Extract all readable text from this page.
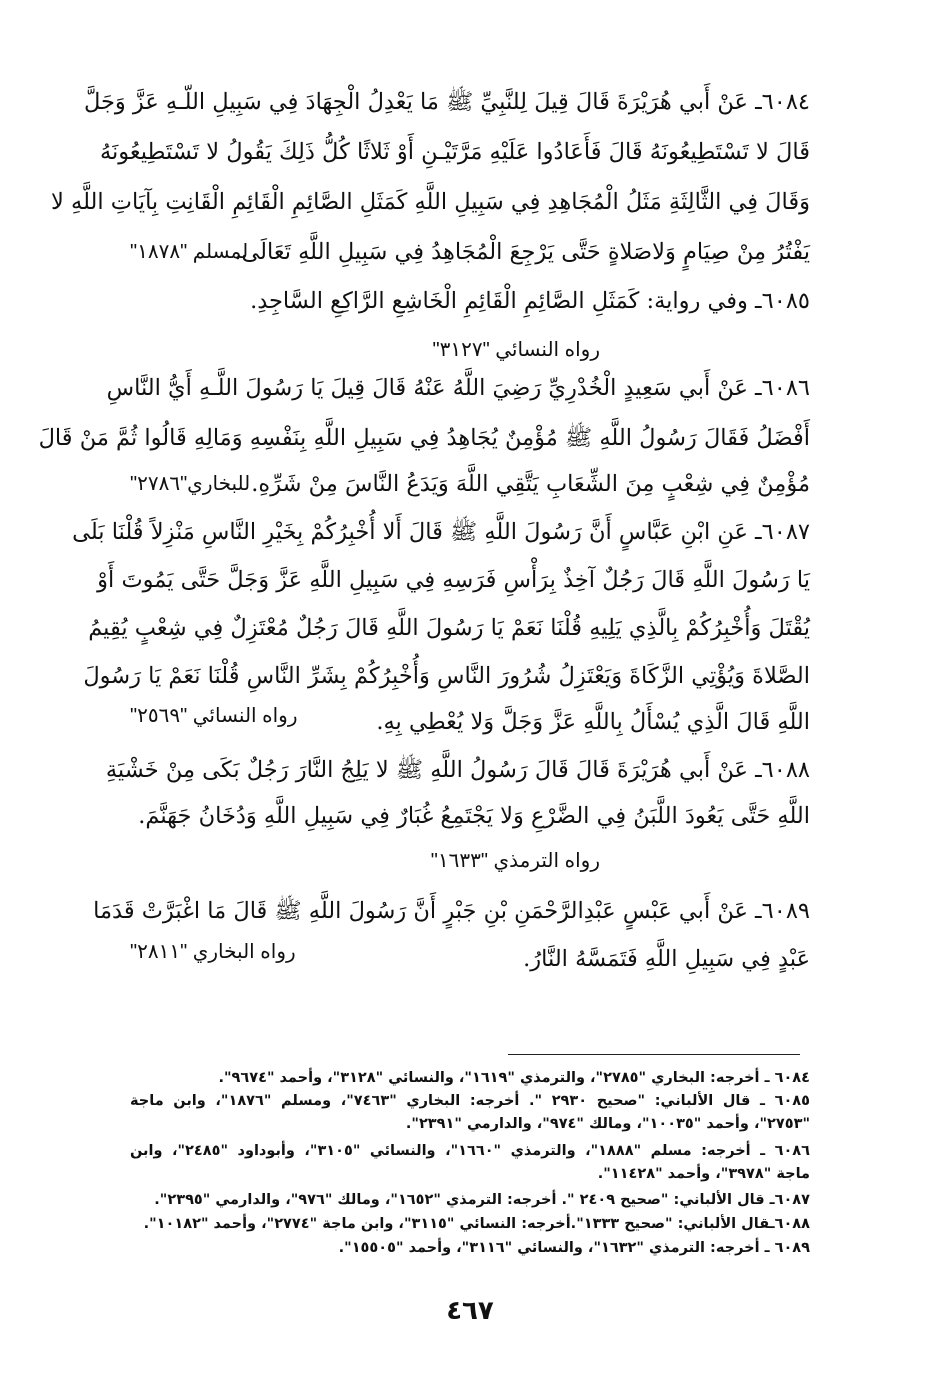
٦٠٨٤ـ عَنْ أَبي هُرَيْرَةَ قَالَ قِيلَ لِلنَّبِيِّ ﷺ مَا يَعْدِلُ الْجِهَادَ فِي سَبِيلِ اللّـهِ عَزَّ وَجَلَّ
قَالَ لا تَسْتَطِيعُونَهُ قَالَ فَأَعَادُوا عَلَيْهِ مَرَّتَيْـنِ أَوْ ثَلاثًا كُلُّ ذَلِكَ يَقُولُ لا تَسْتَطِيعُونَهُ
وَقَالَ فِي الثَّالِثَةِ مَثَلُ الْمُجَاهِدِ فِي سَبِيلِ اللَّهِ كَمَثَلِ الصَّائِمِ الْقَائِمِ الْقَانِتِ بِآيَاتِ اللَّهِ لا
يَفْتُرُ مِنْ صِيَامٍ وَلاصَلاةٍ حَتَّى يَرْجِعَ الْمُجَاهِدُ فِي سَبِيلِ اللَّهِ تَعَالَى.
لمسلم "١٨٧٨"
٦٠٨٥ـ وفي رواية: كَمَثَلِ الصَّائِمِ الْقَائِمِ الْخَاشِعِ الرَّاكِعِ السَّاجِدِ.
رواه النسائي "٣١٢٧"
٦٠٨٦ـ عَنْ أَبي سَعِيدٍ الْخُدْرِيِّ رَضِيَ اللَّهُ عَنْهُ قَالَ قِيلَ يَا رَسُولَ اللَّـهِ أَيُّ النَّاسِ
أَفْضَلُ فَقَالَ رَسُولُ اللَّهِ ﷺ مُؤْمِنٌ يُجَاهِدُ فِي سَبِيلِ اللَّهِ بِنَفْسِهِ وَمَالِهِ قَالُوا ثُمَّ مَنْ قَالَ
مُؤْمِنٌ فِي شِعْبٍ مِنَ الشِّعَابِ يَتَّقِي اللَّهَ وَيَدَعُ النَّاسَ مِنْ شَرِّهِ.
للبخاري"٢٧٨٦"
٦٠٨٧ـ عَنِ ابْنِ عَبَّاسٍ أَنَّ رَسُولَ اللَّهِ ﷺ قَالَ أَلا أُخْبِرُكُمْ بِخَيْرِ النَّاسِ مَنْزِلاً قُلْنَا بَلَى
يَا رَسُولَ اللَّهِ قَالَ رَجُلٌ آخِذٌ بِرَأْسِ فَرَسِهِ فِي سَبِيلِ اللَّهِ عَزَّ وَجَلَّ حَتَّى يَمُوتَ أَوْ
يُقْتَلَ وَأُخْبِرُكُمْ بِالَّذِي يَلِيهِ قُلْنَا نَعَمْ يَا رَسُولَ اللَّهِ قَالَ رَجُلٌ مُعْتَزِلٌ فِي شِعْبٍ يُقِيمُ
الصَّلاةَ وَيُؤْتِي الزَّكَاةَ وَيَعْتَزِلُ شُرُورَ النَّاسِ وَأُخْبِرُكُمْ بِشَرِّ النَّاسِ قُلْنَا نَعَمْ يَا رَسُولَ
اللَّهِ قَالَ الَّذِي يُسْأَلُ بِاللَّهِ عَزَّ وَجَلَّ وَلا يُعْطِي بِهِ.
رواه النسائي "٢٥٦٩"
٦٠٨٨ـ عَنْ أَبي هُرَيْرَةَ قَالَ قَالَ رَسُولُ اللَّهِ ﷺ لا يَلِجُ النَّارَ رَجُلٌ بَكَى مِنْ خَشْيَةِ
اللَّهِ حَتَّى يَعُودَ اللَّبَنُ فِي الضَّرْعِ وَلا يَجْتَمِعُ غُبَارٌ فِي سَبِيلِ اللَّهِ وَدُخَانُ جَهَنَّمَ.
رواه الترمذي "١٦٣٣"
٦٠٨٩ـ عَنْ أَبي عَبْسٍ عَبْدِالرَّحْمَنِ بْنِ جَبْرٍ أَنَّ رَسُولَ اللَّهِ ﷺ قَالَ مَا اغْبَرَّتْ قَدَمَا
عَبْدٍ فِي سَبِيلِ اللَّهِ فَتَمَسَّهُ النَّارُ.
رواه البخاري "٢٨١١"
٦٠٨٤ ـ أخرجه: البخاري "٢٧٨٥"، والترمذي "١٦١٩"، والنسائي "٣١٢٨"، وأحمد "٩٦٧٤".
٦٠٨٥ ـ قال الألباني: "صحيح ٢٩٣٠ ". أخرجه: البخاري "٧٤٦٣"، ومسلم "١٨٧٦"، وابن ماجة
"٢٧٥٣"، وأحمد "١٠٠٣٥"، ومالك "٩٧٤"، والدارمي "٢٣٩١".
٦٠٨٦ ـ أخرجه: مسلم "١٨٨٨"، والترمذي "١٦٦٠"، والنسائي "٣١٠٥"، وأبوداود "٢٤٨٥"، وابن
ماجة "٣٩٧٨"، وأحمد "١١٤٢٨".
٦٠٨٧ـ قال الألباني: "صحيح ٢٤٠٩ ". أخرجه: الترمذي "١٦٥٢"، ومالك "٩٧٦"، والدارمي "٢٣٩٥".
٦٠٨٨ـقال الألباني: "صحيح ١٣٣٣".أخرجه: النسائي "٣١١٥"، وابن ماجة "٢٧٧٤"، وأحمد "١٠١٨٢".
٦٠٨٩ ـ أخرجه: الترمذي "١٦٣٢"، والنسائي "٣١١٦"، وأحمد "١٥٥٠٥".
٤٦٧
